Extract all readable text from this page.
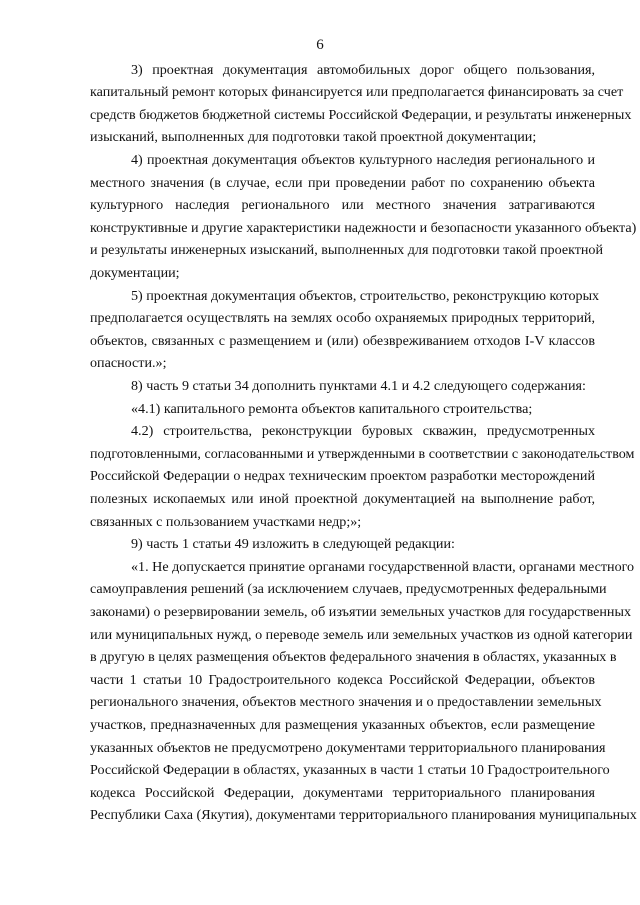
6
3) проектная документация автомобильных дорог общего пользования,
капитальный ремонт которых финансируется или предполагается финансировать за счет
средств бюджетов бюджетной системы Российской Федерации, и результаты инженерных
изысканий, выполненных для подготовки такой проектной документации;
4) проектная документация объектов культурного наследия регионального и
местного значения (в случае, если при проведении работ по сохранению объекта
культурного наследия регионального или местного значения затрагиваются
конструктивные и другие характеристики надежности и безопасности указанного объекта)
и результаты инженерных изысканий, выполненных для подготовки такой проектной
документации;
5) проектная документация объектов, строительство, реконструкцию которых
предполагается осуществлять на землях особо охраняемых природных территорий,
объектов, связанных с размещением и (или) обезвреживанием отходов I-V классов
опасности.»;
8) часть 9 статьи 34 дополнить пунктами 4.1 и 4.2 следующего содержания:
«4.1) капитального ремонта объектов капитального строительства;
4.2) строительства, реконструкции буровых скважин, предусмотренных
подготовленными, согласованными и утвержденными в соответствии с законодательством
Российской Федерации о недрах техническим проектом разработки месторождений
полезных ископаемых или иной проектной документацией на выполнение работ,
связанных с пользованием участками недр;»;
9) часть 1 статьи 49 изложить в следующей редакции:
«1. Не допускается принятие органами государственной власти, органами местного
самоуправления решений (за исключением случаев, предусмотренных федеральными
законами) о резервировании земель, об изъятии земельных участков для государственных
или муниципальных нужд, о переводе земель или земельных участков из одной категории
в другую в целях размещения объектов федерального значения в областях, указанных в
части 1 статьи 10 Градостроительного кодекса Российской Федерации, объектов
регионального значения, объектов местного значения и о предоставлении земельных
участков, предназначенных для размещения указанных объектов, если размещение
указанных объектов не предусмотрено документами территориального планирования
Российской Федерации в областях, указанных в части 1 статьи 10 Градостроительного
кодекса Российской Федерации, документами территориального планирования
Республики Саха (Якутия), документами территориального планирования муниципальных
